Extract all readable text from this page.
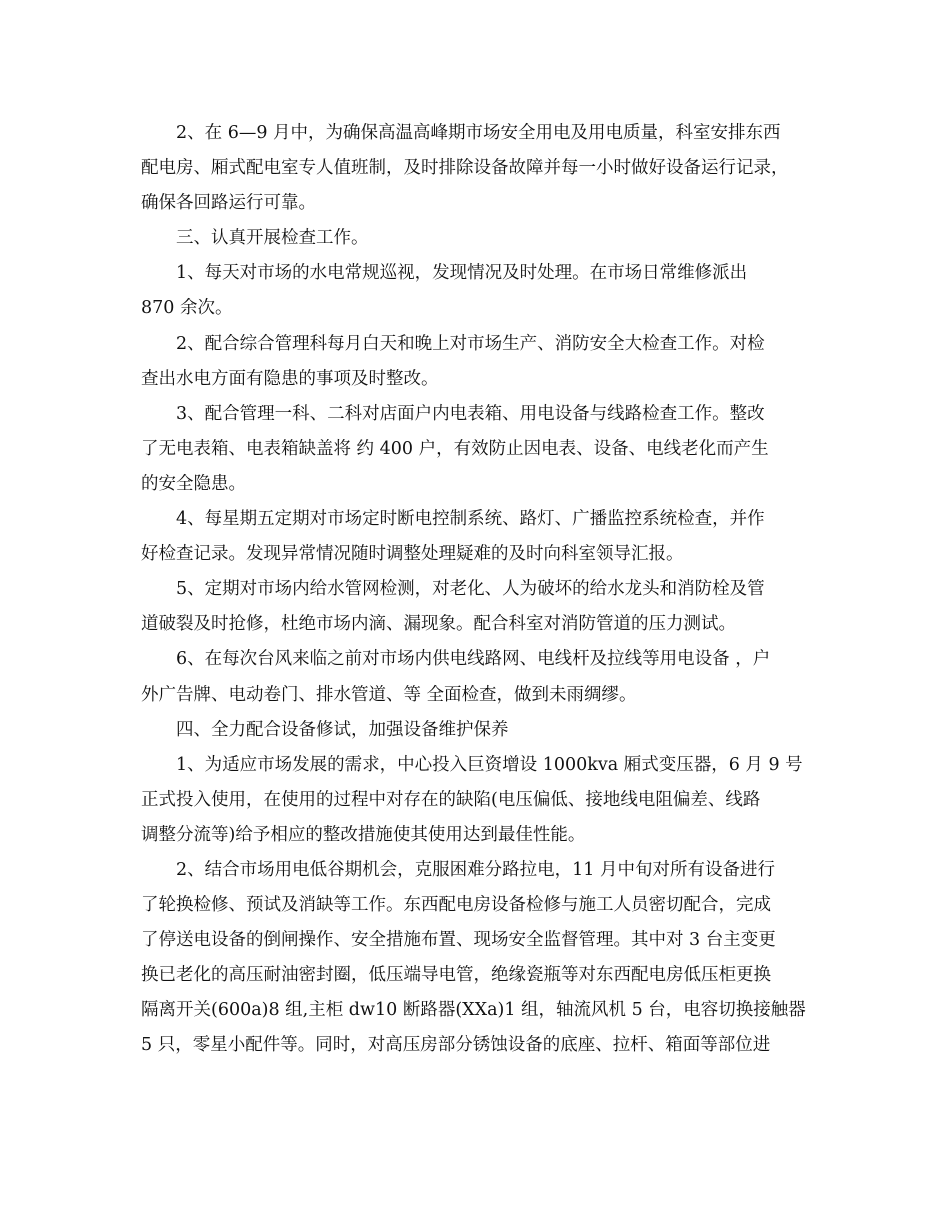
2、在 6—9 月中，为确保高温高峰期市场安全用电及用电质量，科室安排东西
配电房、厢式配电室专人值班制，及时排除设备故障并每一小时做好设备运行记录，
确保各回路运行可靠。
三、认真开展检查工作。
1、每天对市场的水电常规巡视，发现情况及时处理。在市场日常维修派出
870 余次。
2、配合综合管理科每月白天和晚上对市场生产、消防安全大检查工作。对检
查出水电方面有隐患的事项及时整改。
3、配合管理一科、二科对店面户内电表箱、用电设备与线路检查工作。整改
了无电表箱、电表箱缺盖将 约 400 户，有效防止因电表、设备、电线老化而产生
的安全隐患。
4、每星期五定期对市场定时断电控制系统、路灯、广播监控系统检查，并作
好检查记录。发现异常情况随时调整处理疑难的及时向科室领导汇报。
5、定期对市场内给水管网检测，对老化、人为破坏的给水龙头和消防栓及管
道破裂及时抢修，杜绝市场内滴、漏现象。配合科室对消防管道的压力测试。
6、在每次台风来临之前对市场内供电线路网、电线杆及拉线等用电设备 ，户
外广告牌、电动卷门、排水管道、等 全面检查，做到未雨绸缪。
四、全力配合设备修试，加强设备维护保养
1、为适应市场发展的需求，中心投入巨资增设 1000kva 厢式变压器，6 月 9 号
正式投入使用，在使用的过程中对存在的缺陷(电压偏低、接地线电阻偏差、线路
调整分流等)给予相应的整改措施使其使用达到最佳性能。
2、结合市场用电低谷期机会，克服困难分路拉电，11 月中旬对所有设备进行
了轮换检修、预试及消缺等工作。东西配电房设备检修与施工人员密切配合，完成
了停送电设备的倒闸操作、安全措施布置、现场安全监督管理。其中对 3 台主变更
换已老化的高压耐油密封圈，低压端导电管，绝缘瓷瓶等对东西配电房低压柜更换
隔离开关(600a)8 组,主柜 dw10 断路器(XXa)1 组，轴流风机 5 台，电容切换接触器
5 只，零星小配件等。同时，对高压房部分锈蚀设备的底座、拉杆、箱面等部位进
